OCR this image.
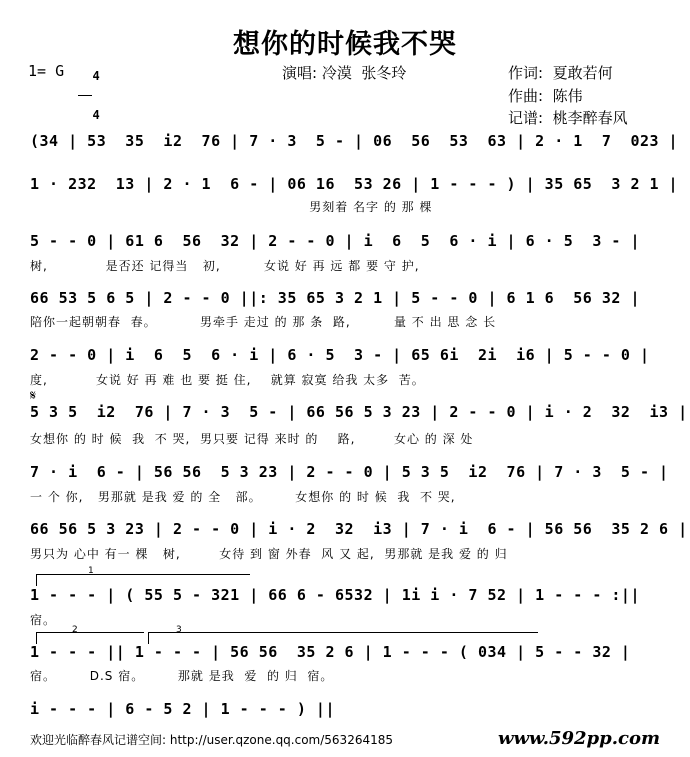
想你的时候我不哭
1= G	4

4

演唱: 冷漠  张冬玲	作词:  夏敢若何
作曲:  陈伟
记谱:  桃李醉春风
(34 | 53  35  i2  76 | 7 · 3  5 - | 06  56  53  63 | 2 · 1  7  023 |
1 · 232  13 | 2 · 1  6 - | 06 16  53 26 | 1 - - - ) | 35 65  3 2 1 |
男刻着 名字 的 那 棵
5 - - 0 | 61 6  56  32 | 2 - - 0 | i  6  5  6 · i | 6 · 5  3 - |
树,            是否还 记得当   初,         女说 好 再 远 都 要 守 护,
66 53 5 6 5 | 2 - - 0 ||: 35 65 3 2 1 | 5 - - 0 | 6 1 6  56 32 |
陪你一起朝朝春  春。         男牵手 走过 的 那 条  路,         量 不 出 思 念 长
2 - - 0 | i  6  5  6 · i | 6 · 5  3 - | 65 6i  2i  i6 | 5 - - 0 |
度,          女说 好 再 难 也 要 挺 住,    就算 寂寞 给我 太多  苦。
𝄋
5 3 5  i2  76 | 7 · 3  5 - | 66 56 5 3 23 | 2 - - 0 | i · 2  32  i3 |
女想你 的 时 候  我  不 哭,  男只要 记得 来时 的    路,        女心 的 深 处
7 · i  6 - | 56 56  5 3 23 | 2 - - 0 | 5 3 5  i2  76 | 7 · 3  5 - |
一 个 你,   男那就 是我 爱 的 全   部。       女想你 的 时 候  我  不 哭,
66 56 5 3 23 | 2 - - 0 | i · 2  32  i3 | 7 · i  6 - | 56 56  35 2 6 |
男只为 心中 有一 棵   树,        女待 到 窗 外春  风 又 起,  男那就 是我 爱 的 归
1
1 - - - | ( 55 5 - 321 | 66 6 - 6532 | 1i i · 7 52 | 1 - - - :||
宿。
2	3
1 - - - || 1 - - - | 56 56  35 2 6 | 1 - - - ( 034 | 5 - - 32 |
宿。       D.S 宿。       那就 是我  爱  的 归  宿。
i - - - | 6 - 5 2 | 1 - - - ) ||
欢迎光临醉春风记谱空间: http://user.qzone.qq.com/563264185	www.592pp.com
